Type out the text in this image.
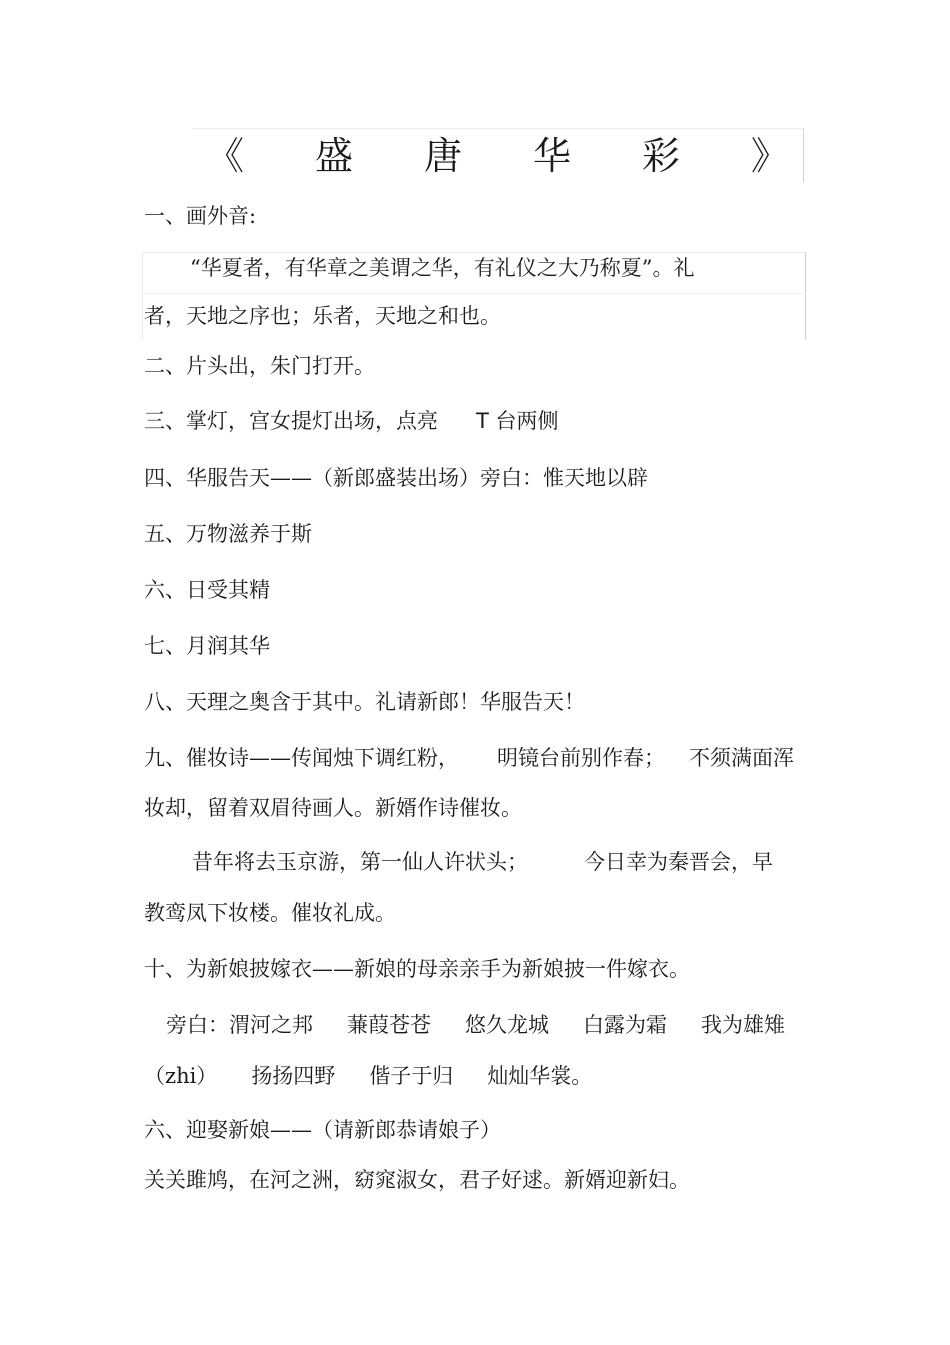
《 盛 唐 华 彩 》
一、画外音:
“华夏者，有华章之美谓之华，有礼仪之大乃称夏”。礼
者，天地之序也；乐者，天地之和也。
二、片头出，朱门打开。
三、掌灯，宫女提灯出场，点亮 T 台两侧
四、华服告天——（新郎盛装出场）旁白：惟天地以辟
五、万物滋养于斯
六、日受其精
七、月润其华
八、天理之奥含于其中。礼请新郎！华服告天！
九、催妆诗——传闻烛下调红粉， 明镜台前别作春； 不须满面浑
妆却，留着双眉待画人。新婿作诗催妆。
昔年将去玉京游，第一仙人许状头；	今日幸为秦晋会，早
教鸾凤下妆楼。催妆礼成。
十、为新娘披嫁衣——新娘的母亲亲手为新娘披一件嫁衣。
旁白：渭河之邦 蒹葭苍苍 悠久龙城 白露为霜 我为雄雉
（zhi） 扬扬四野 偕子于归 灿灿华裳。
六、迎娶新娘——（请新郎恭请娘子）
关关雎鸠，在河之洲，窈窕淑女，君子好逑。新婿迎新妇。
